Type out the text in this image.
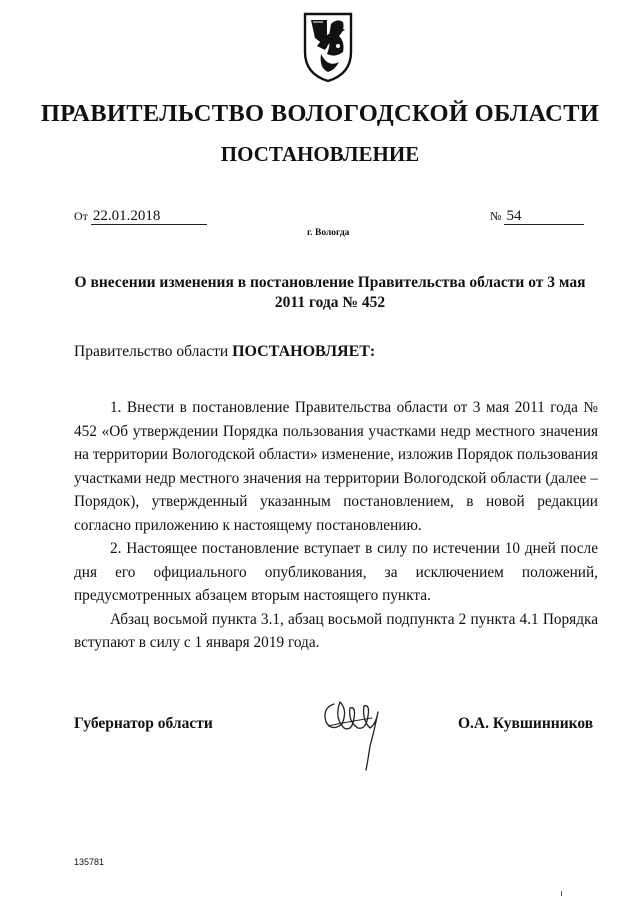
ПРАВИТЕЛЬСТВО ВОЛОГОДСКОЙ ОБЛАСТИ
ПОСТАНОВЛЕНИЕ
От 22.01.2018	№ 54
г. Вологда
О внесении изменения в постановление Правительства области от 3 мая
2011 года № 452
Правительство области ПОСТАНОВЛЯЕТ:

1. Внести в постановление Правительства области от 3 мая 2011 года № 452 «Об утверждении Порядка пользования участками недр местного значения на территории Вологодской области» изменение, изложив Порядок пользования участками недр местного значения на территории Вологодской области (далее – Порядок), утвержденный указанным постановлением, в новой редакции согласно приложению к настоящему постановлению.

2. Настоящее постановление вступает в силу по истечении 10 дней после дня его официального опубликования, за исключением положений, предусмотренных абзацем вторым настоящего пункта.

Абзац восьмой пункта 3.1, абзац восьмой подпункта 2 пункта 4.1 Порядка вступают в силу с 1 января 2019 года.

Губернатор области	О.А. Кувшинников
135781
